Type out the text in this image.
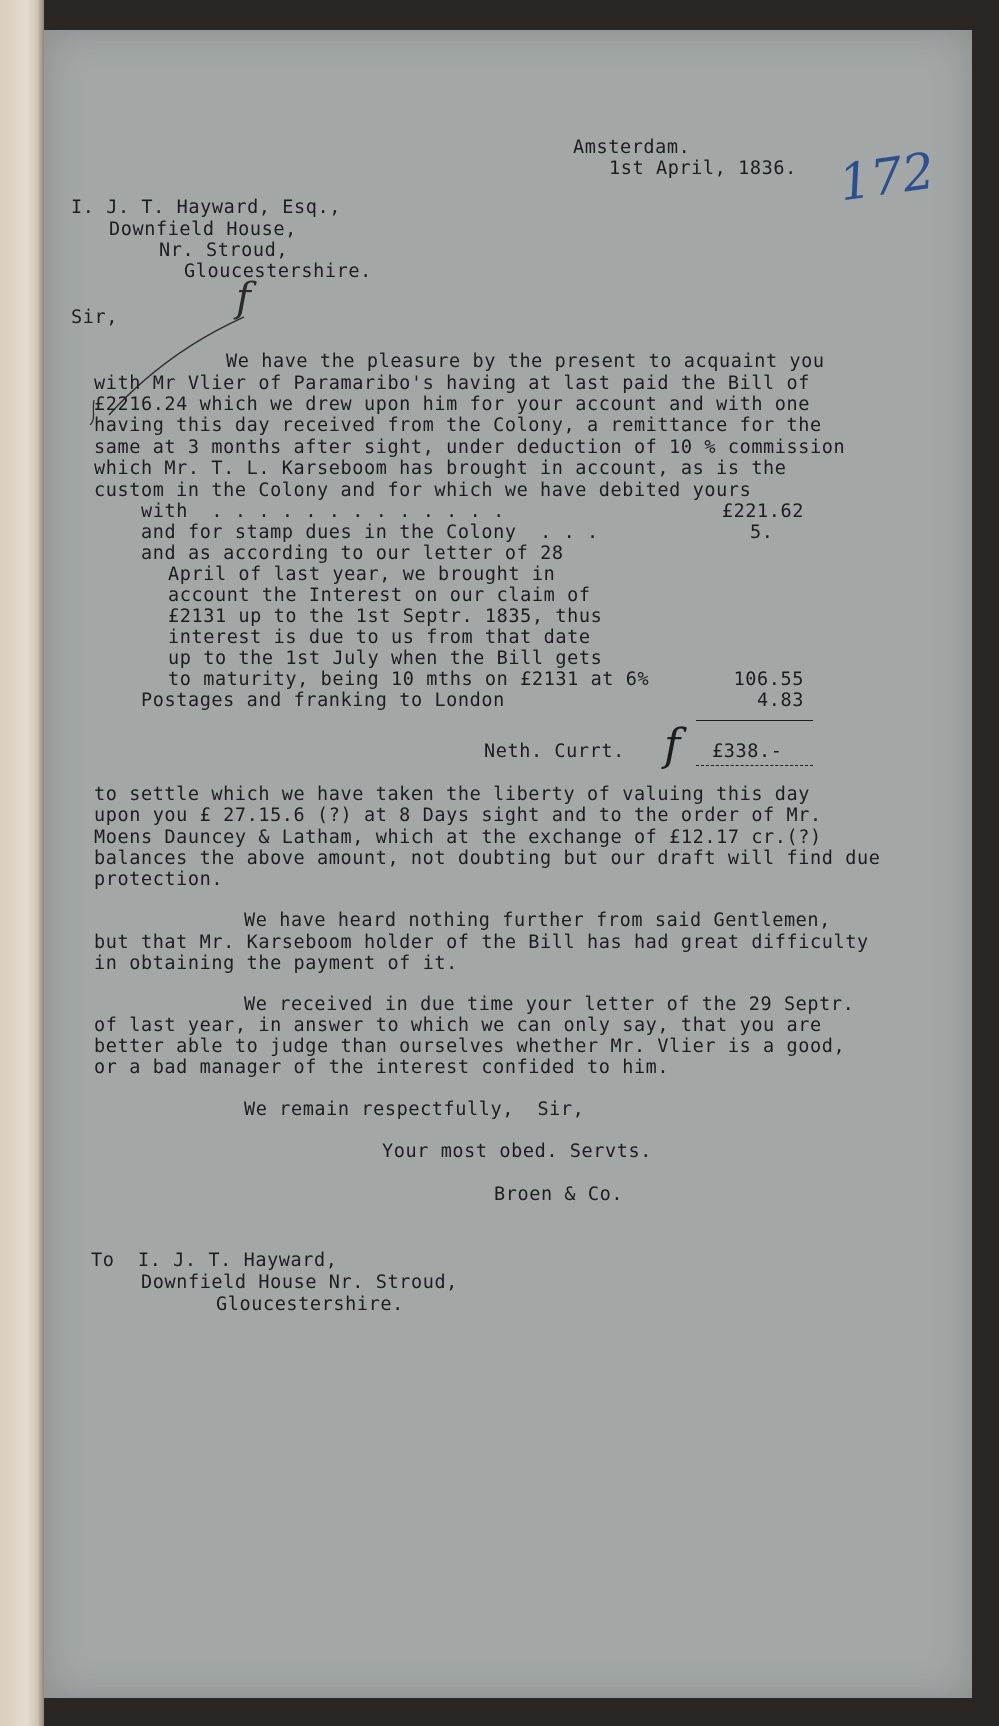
172
Amsterdam.
1st April, 1836.
I. J. T. Hayward, Esq.,
Downfield House,
Nr. Stroud,
Gloucestershire.
Sir,	f
We have the pleasure by the present to acquaint you
with Mr Vlier of Paramaribo's having at last paid the Bill of
£2216.24 which we drew upon him for your account and with one
having this day received from the Colony, a remittance for the
same at 3 months after sight, under deduction of 10 % commission
which Mr. T. L. Karseboom has brought in account, as is the
custom in the Colony and for which we have debited yours
with  . . . . . . . . . . . . .	£221.62
and for stamp dues in the Colony  . . .	5.
and as according to our letter of 28
April of last year, we brought in
account the Interest on our claim of
£2131 up to the 1st Septr. 1835, thus
interest is due to us from that date
up to the 1st July when the Bill gets
to maturity, being 10 mths on £2131 at 6%	106.55
Postages and franking to London	4.83
Neth. Currt. f £338.-
to settle which we have taken the liberty of valuing this day
upon you £ 27.15.6 (?) at 8 Days sight and to the order of Mr.
Moens Dauncey & Latham, which at the exchange of £12.17 cr.(?)
balances the above amount, not doubting but our draft will find due
protection.
We have heard nothing further from said Gentlemen,
but that Mr. Karseboom holder of the Bill has had great difficulty
in obtaining the payment of it.
We received in due time your letter of the 29 Septr.
of last year, in answer to which we can only say, that you are
better able to judge than ourselves whether Mr. Vlier is a good,
or a bad manager of the interest confided to him.
We remain respectfully,  Sir,
Your most obed. Servts.
Broen & Co.
To  I. J. T. Hayward,
Downfield House Nr. Stroud,
Gloucestershire.
